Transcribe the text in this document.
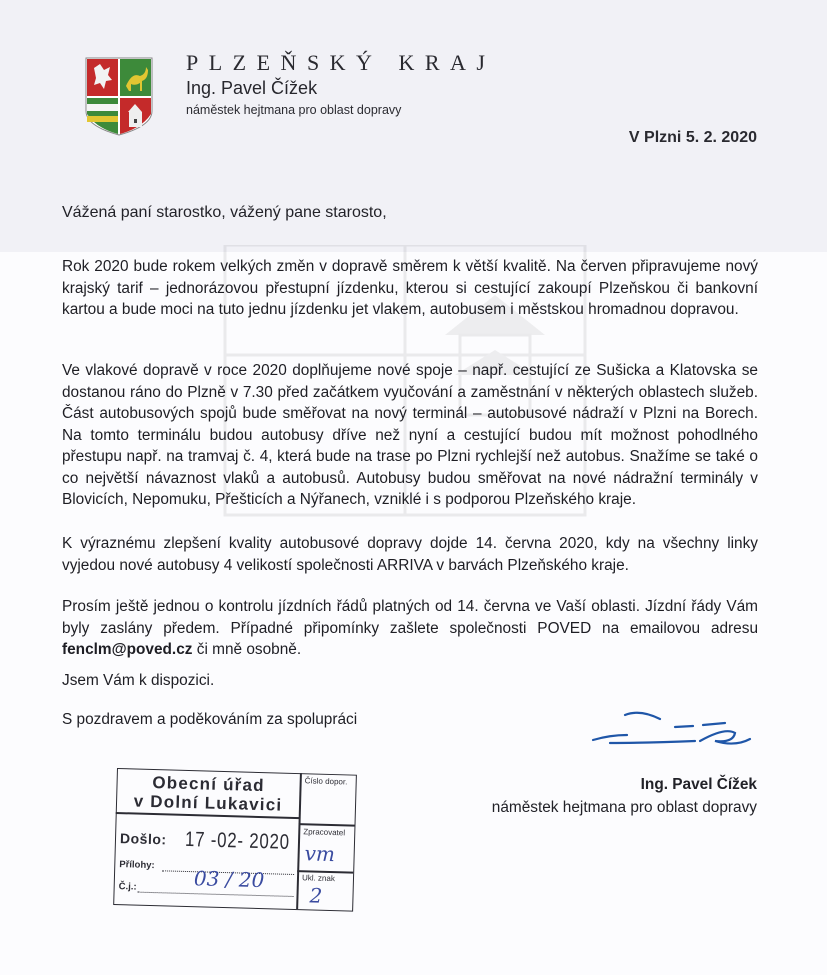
PLZEŇSKÝ KRAJ
Ing. Pavel Čížek
náměstek hejtmana pro oblast dopravy
V Plzni 5. 2. 2020
Vážená paní starostko, vážený pane starosto,
Rok 2020 bude rokem velkých změn v dopravě směrem k větší kvalitě. Na červen připravujeme nový krajský tarif – jednorázovou přestupní jízdenku, kterou si cestující zakoupí Plzeňskou či bankovní kartou a bude moci na tuto jednu jízdenku jet vlakem, autobusem i městskou hromadnou dopravou.
Ve vlakové dopravě v roce 2020 doplňujeme nové spoje – např. cestující ze Sušicka a Klatovska se dostanou ráno do Plzně v 7.30 před začátkem vyučování a zaměstnání v některých oblastech služeb. Část autobusových spojů bude směřovat na nový terminál – autobusové nádraží v Plzni na Borech. Na tomto terminálu budou autobusy dříve než nyní a cestující budou mít možnost pohodlného přestupu např. na tramvaj č. 4, která bude na trase po Plzni rychlejší než autobus. Snažíme se také o co největší návaznost vlaků a autobusů. Autobusy budou směřovat na nové nádražní terminály v Blovicích, Nepomuku, Přešticích a Nýřanech, vzniklé i s podporou Plzeňského kraje.
K výraznému zlepšení kvality autobusové dopravy dojde 14. června 2020, kdy na všechny linky vyjedou nové autobusy 4 velikostí společnosti ARRIVA v barvách Plzeňského kraje.
Prosím ještě jednou o kontrolu jízdních řádů platných od 14. června ve Vaší oblasti. Jízdní řády Vám byly zaslány předem. Případné připomínky zašlete společnosti POVED na emailovou adresu fenclm@poved.cz či mně osobně.
Jsem Vám k dispozici.
S pozdravem a poděkováním za spolupráci
Ing. Pavel Čížek
náměstek hejtmana pro oblast dopravy
Obecní úřad
v Dolní Lukavici
Číslo dopor.
Zpracovatel
Ukl. znak
Došlo: 17 -02- 2020
Přílohy:
Č.j.:	03 / 20
vm
2
